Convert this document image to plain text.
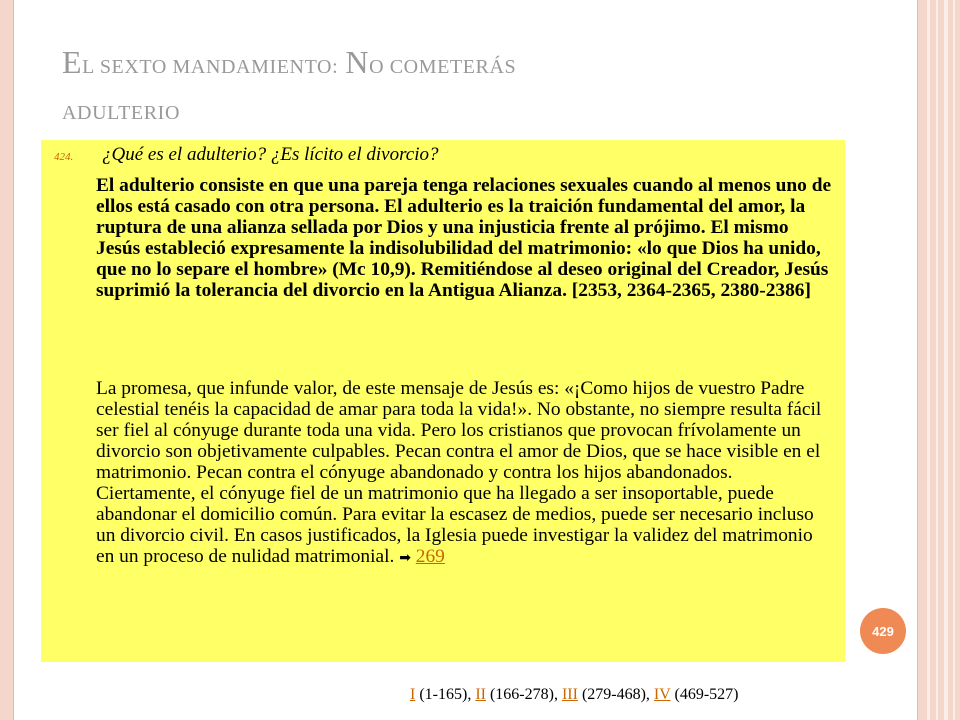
EL SEXTO MANDAMIENTO: NO COMETERÁS
ADULTERIO
424. ¿Qué es el adulterio? ¿Es lícito el divorcio?
El adulterio consiste en que una pareja tenga relaciones sexuales cuando al menos uno de ellos está casado con otra persona. El adulterio es la traición fundamental del amor, la ruptura de una alianza sellada por Dios y una injusticia frente al prójimo. El mismo Jesús estableció expresamente la indisolubilidad del matrimonio: «lo que Dios ha unido, que no lo separe el hombre» (Mc 10,9). Remitiéndose al deseo original del Creador, Jesús suprimió la tolerancia del divorcio en la Antigua Alianza. [2353, 2364-2365, 2380-2386]
La promesa, que infunde valor, de este mensaje de Jesús es: «¡Como hijos de vuestro Padre celestial tenéis la capacidad de amar para toda la vida!». No obstante, no siempre resulta fácil ser fiel al cónyuge durante toda una vida. Pero los cristianos que provocan frívolamente un divorcio son objetivamente culpables. Pecan contra el amor de Dios, que se hace visible en el matrimonio. Pecan contra el cónyuge abandonado y contra los hijos abandonados. Ciertamente, el cónyuge fiel de un matrimonio que ha llegado a ser insoportable, puede abandonar el domicilio común. Para evitar la escasez de medios, puede ser necesario incluso un divorcio civil. En casos justificados, la Iglesia puede investigar la validez del matrimonio en un proceso de nulidad matrimonial. ➡ 269
429
I (1-165), II (166-278), III (279-468), IV (469-527)
